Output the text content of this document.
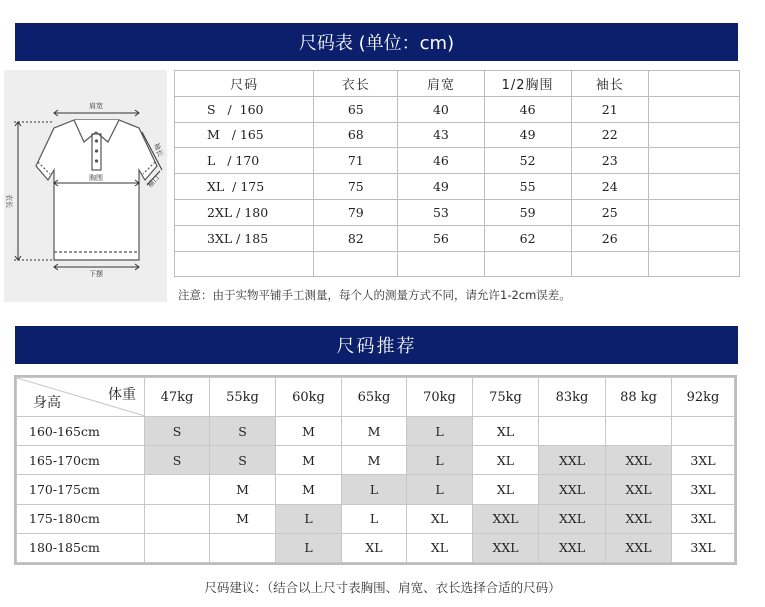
尺码表 (单位：cm)
肩宽
胸围
下摆
衣长
袖长
袖口
尺码	衣长	肩宽	1/2胸围	袖长	
S   /  160	65	40	46	21	
M   / 165	68	43	49	22	
L   / 170	71	46	52	23	
XL  / 175	75	49	55	24	
2XL / 180	79	53	59	25	
3XL / 185	82	56	62	26	

注意：由于实物平铺手工测量，每个人的测量方式不同，请允许1-2cm误差。
尺码推荐
体重
身高	47kg	55kg	60kg	65kg	70kg	75kg	83kg	88 kg	92kg
160-165cm	S	S	M	M	L	XL			
165-170cm	S	S	M	M	L	XL	XXL	XXL	3XL
170-175cm		M	M	L	L	XL	XXL	XXL	3XL
175-180cm		M	L	L	XL	XXL	XXL	XXL	3XL
180-185cm			L	XL	XL	XXL	XXL	XXL	3XL
尺码建议：（结合以上尺寸表胸围、肩宽、衣长选择合适的尺码）
